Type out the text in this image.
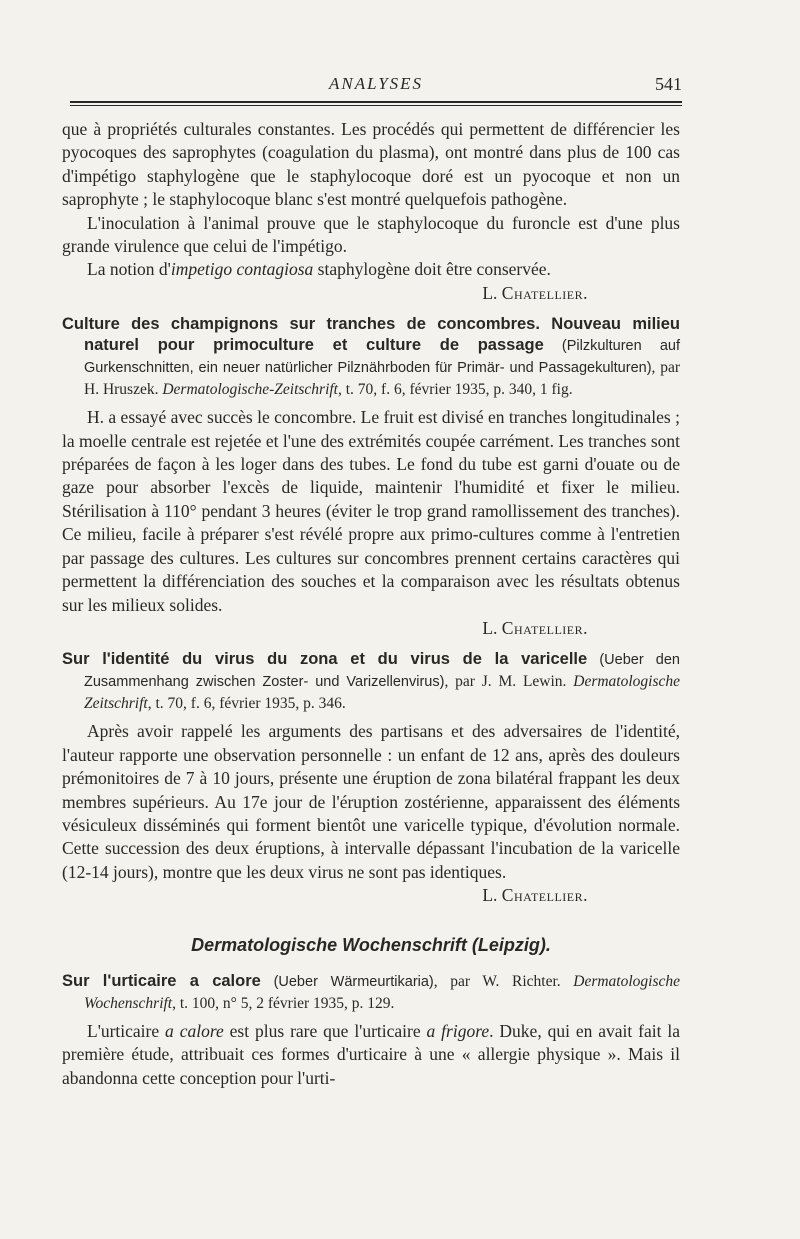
ANALYSES	541

que à propriétés culturales constantes. Les procédés qui permettent de différencier les pyocoques des saprophytes (coagulation du plasma), ont montré dans plus de 100 cas d'impétigo staphylogène que le staphylocoque doré est un pyocoque et non un saprophyte ; le staphylocoque blanc s'est montré quelquefois pathogène.

L'inoculation à l'animal prouve que le staphylocoque du furoncle est d'une plus grande virulence que celui de l'impétigo.

La notion d'impetigo contagiosa staphylogène doit être conservée.

L. Chatellier.

Culture des champignons sur tranches de concombres. Nouveau milieu naturel pour primoculture et culture de passage (Pilzkulturen auf Gurkenschnitten, ein neuer natürlicher Pilznährboden für Primär- und Passagekulturen), par H. Hruszek. Dermatologische-Zeitschrift, t. 70, f. 6, février 1935, p. 340, 1 fig.

H. a essayé avec succès le concombre. Le fruit est divisé en tranches longitudinales ; la moelle centrale est rejetée et l'une des extrémités coupée carrément. Les tranches sont préparées de façon à les loger dans des tubes. Le fond du tube est garni d'ouate ou de gaze pour absorber l'excès de liquide, maintenir l'humidité et fixer le milieu. Stérilisation à 110° pendant 3 heures (éviter le trop grand ramollissement des tranches). Ce milieu, facile à préparer s'est révélé propre aux primo-cultures comme à l'entretien par passage des cultures. Les cultures sur concombres prennent certains caractères qui permettent la différenciation des souches et la comparaison avec les résultats obtenus sur les milieux solides.

L. Chatellier.

Sur l'identité du virus du zona et du virus de la varicelle (Ueber den Zusammenhang zwischen Zoster- und Varizellenvirus), par J. M. Lewin. Dermatologische Zeitschrift, t. 70, f. 6, février 1935, p. 346.

Après avoir rappelé les arguments des partisans et des adversaires de l'identité, l'auteur rapporte une observation personnelle : un enfant de 12 ans, après des douleurs prémonitoires de 7 à 10 jours, présente une éruption de zona bilatéral frappant les deux membres supérieurs. Au 17e jour de l'éruption zostérienne, apparaissent des éléments vésiculeux disséminés qui forment bientôt une varicelle typique, d'évolution normale. Cette succession des deux éruptions, à intervalle dépassant l'incubation de la varicelle (12-14 jours), montre que les deux virus ne sont pas identiques.

L. Chatellier.

Dermatologische Wochenschrift (Leipzig).

Sur l'urticaire a calore (Ueber Wärmeurtikaria), par W. Richter. Dermatologische Wochenschrift, t. 100, n° 5, 2 février 1935, p. 129.

L'urticaire a calore est plus rare que l'urticaire a frigore. Duke, qui en avait fait la première étude, attribuait ces formes d'urticaire à une « allergie physique ». Mais il abandonna cette conception pour l'urti-
